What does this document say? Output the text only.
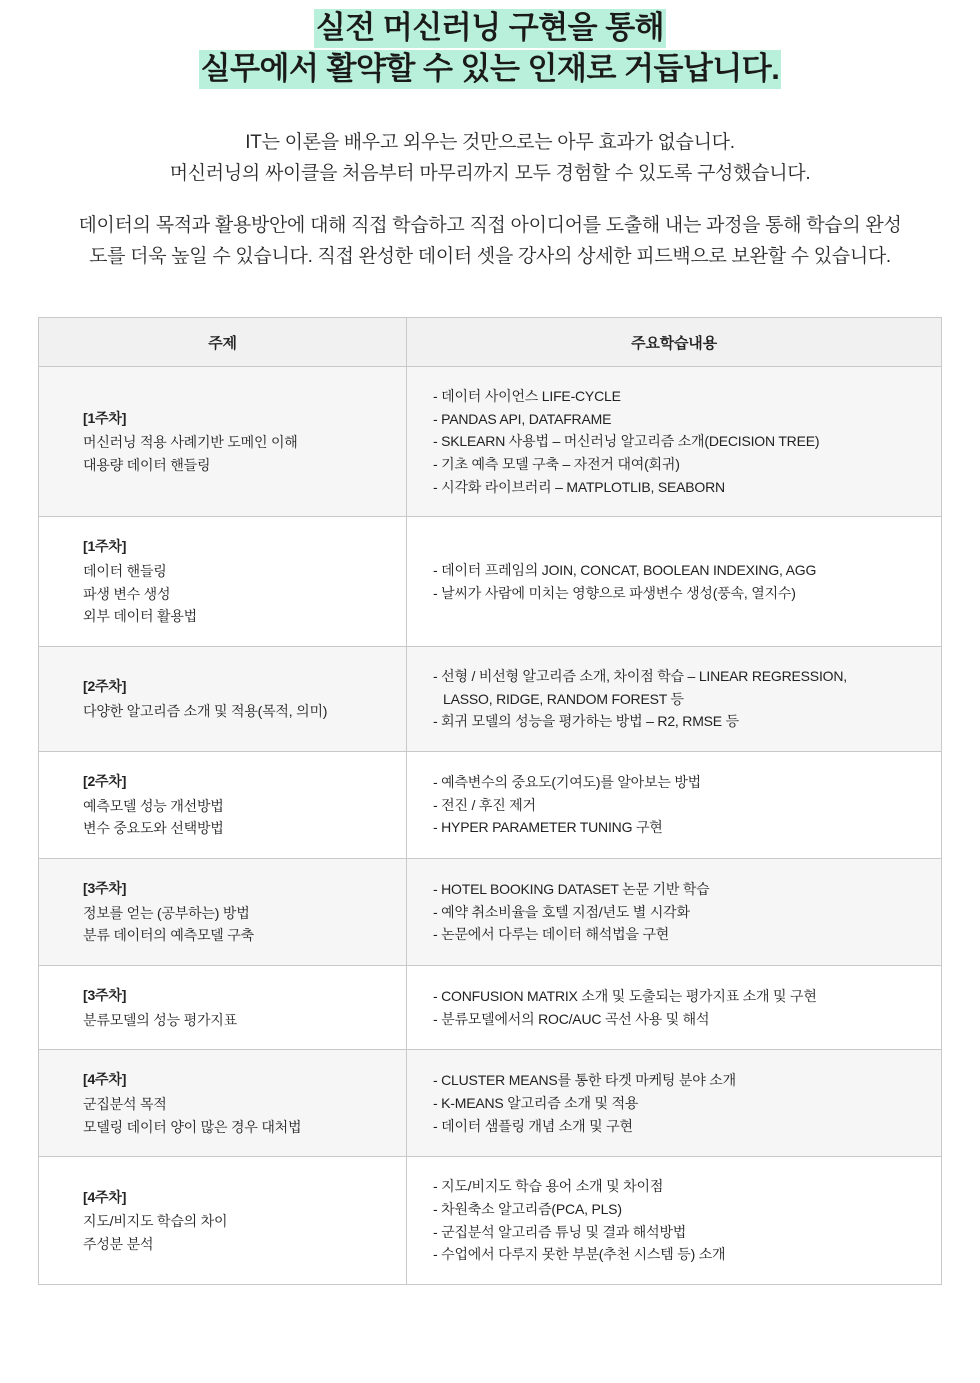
실전 머신러닝 구현을 통해
실무에서 활약할 수 있는 인재로 거듭납니다.

IT는 이론을 배우고 외우는 것만으로는 아무 효과가 없습니다.
머신러닝의 싸이클을 처음부터 마무리까지 모두 경험할 수 있도록 구성했습니다.

데이터의 목적과 활용방안에 대해 직접 학습하고 직접 아이디어를 도출해 내는 과정을 통해 학습의 완성도를 더욱 높일 수 있습니다. 직접 완성한 데이터 셋을 강사의 상세한 피드백으로 보완할 수 있습니다.

주제	주요학습내용

[1주차]
머신러닝 적용 사례기반 도메인 이해
대용량 데이터 핸들링	- 데이터 사이언스 LIFE-CYCLE
- PANDAS API, DATAFRAME
- SKLEARN 사용법 – 머신러닝 알고리즘 소개(DECISION TREE)
- 기초 예측 모델 구축 – 자전거 대여(회귀)
- 시각화 라이브러리 – MATPLOTLIB, SEABORN

[1주차]
데이터 핸들링
파생 변수 생성
외부 데이터 활용법	- 데이터 프레임의 JOIN, CONCAT, BOOLEAN INDEXING, AGG
- 날씨가 사람에 미치는 영향으로 파생변수 생성(풍속, 열지수)

[2주차]
다양한 알고리즘 소개 및 적용(목적, 의미)	- 선형 / 비선형 알고리즘 소개, 차이점 학습 – LINEAR REGRESSION,
LASSO, RIDGE, RANDOM FOREST 등
- 회귀 모델의 성능을 평가하는 방법 – R2, RMSE 등

[2주차]
예측모델 성능 개선방법
변수 중요도와 선택방법	- 예측변수의 중요도(기여도)를 알아보는 방법
- 전진 / 후진 제거
- HYPER PARAMETER TUNING 구현

[3주차]
정보를 얻는 (공부하는) 방법
분류 데이터의 예측모델 구축	- HOTEL BOOKING DATASET 논문 기반 학습
- 예약 취소비율을 호텔 지점/년도 별 시각화
- 논문에서 다루는 데이터 해석법을 구현

[3주차]
분류모델의 성능 평가지표	- CONFUSION MATRIX 소개 및 도출되는 평가지표 소개 및 구현
- 분류모델에서의 ROC/AUC 곡선 사용 및 해석

[4주차]
군집분석 목적
모델링 데이터 양이 많은 경우 대처법	- CLUSTER MEANS를 통한 타겟 마케팅 분야 소개
- K-MEANS 알고리즘 소개 및 적용
- 데이터 샘플링 개념 소개 및 구현

[4주차]
지도/비지도 학습의 차이
주성분 분석	- 지도/비지도 학습 용어 소개 및 차이점
- 차원축소 알고리즘(PCA, PLS)
- 군집분석 알고리즘 튜닝 및 결과 해석방법
- 수업에서 다루지 못한 부분(추천 시스템 등) 소개
